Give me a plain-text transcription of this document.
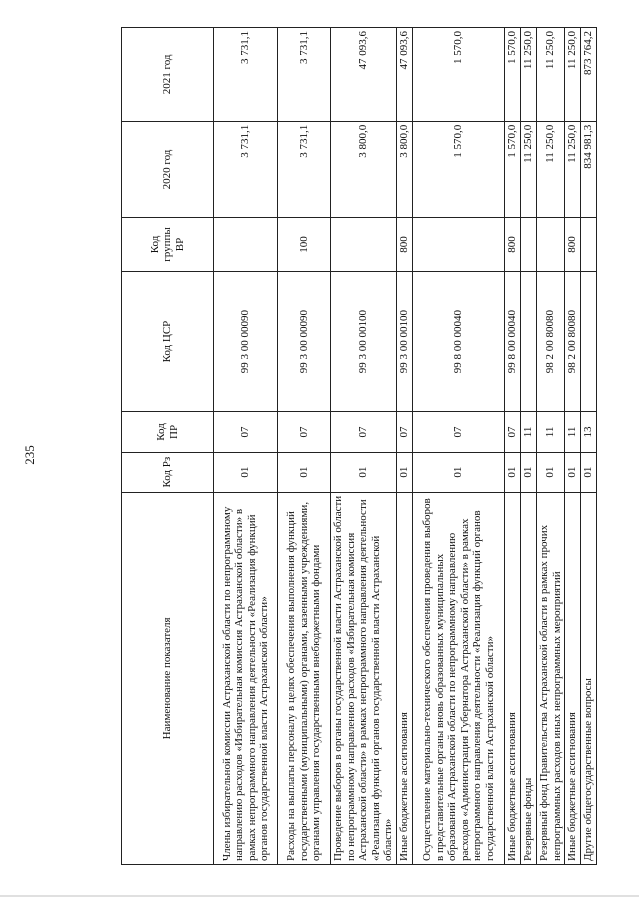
235
Наименование показателя	Код Рз	Код ПР	Код ЦСР	Код группы ВР	2020 год	2021 год
Члены избирательной комиссии Астраханской области по непрограммному направлению расходов «Избирательная комиссия Астраханской области» в рамках непрограммного направления деятельности «Реализация функций органов государственной власти Астраханской области»	01	07	99 3 00 00090		3 731,1	3 731,1
Расходы на выплаты персоналу в целях обеспечения выполнения функций государственными (муниципальными) органами, казенными учреждениями, органами управления государственными внебюджетными фондами	01	07	99 3 00 00090	100	3 731,1	3 731,1
Проведение выборов в органы государственной власти Астраханской области по непрограммному направлению расходов «Избирательная комиссия Астраханской области» в рамках непрограммного направления деятельности «Реализация функций органов государственной власти Астраханской области»	01	07	99 3 00 00100		3 800,0	47 093,6
Иные бюджетные ассигнования	01	07	99 3 00 00100	800	3 800,0	47 093,6
Осуществление материально-технического обеспечения проведения выборов в представительные органы вновь образованных муниципальных образований Астраханской области по непрограммному направлению расходов «Администрация Губернатора Астраханской области» в рамках непрограммного направления деятельности «Реализация функций органов государственной власти Астраханской области»	01	07	99 8 00 00040		1 570,0	1 570,0
Иные бюджетные ассигнования	01	07	99 8 00 00040	800	1 570,0	1 570,0
Резервные фонды	01	11			11 250,0	11 250,0
Резервный фонд Правительства Астраханской области в рамках прочих непрограммных расходов иных непрограммных мероприятий	01	11	98 2 00 80080		11 250,0	11 250,0
Иные бюджетные ассигнования	01	11	98 2 00 80080	800	11 250,0	11 250,0
Другие общегосударственные вопросы	01	13			834 981,3	873 764,2
